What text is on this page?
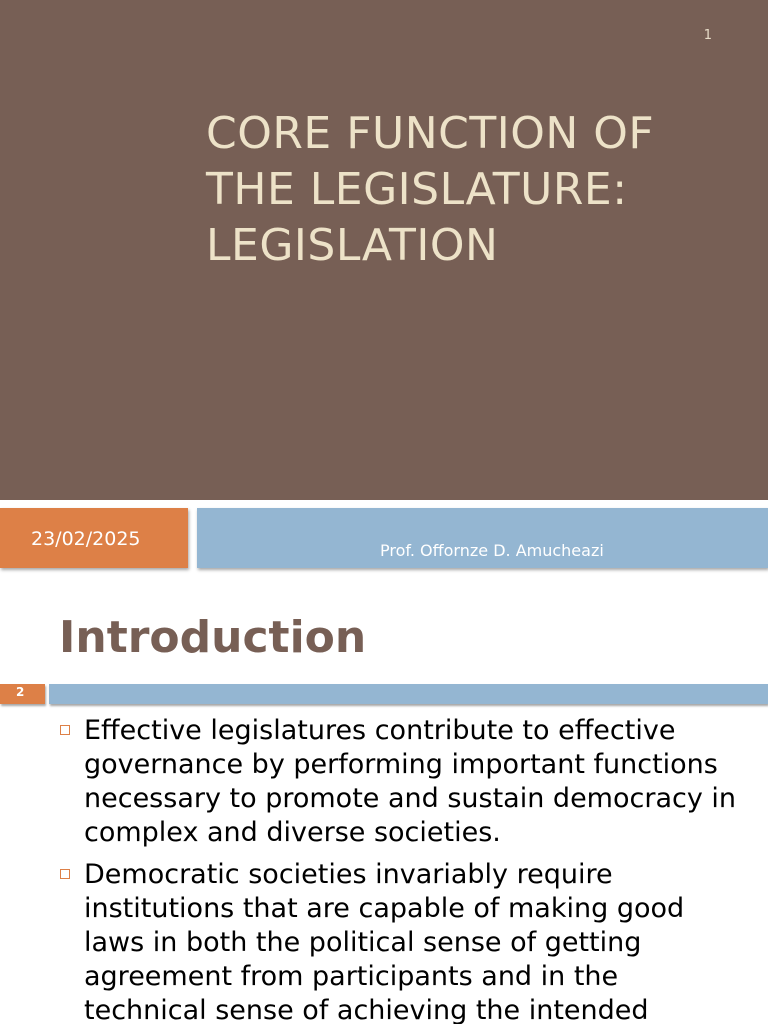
1
CORE FUNCTION OF
THE LEGISLATURE:
LEGISLATION
23/02/2025
Prof. Offornze D. Amucheazi
Introduction
2
Effective legislatures contribute to effective governance by performing important functions necessary to promote and sustain democracy in complex and diverse societies.
Democratic societies invariably require institutions that are capable of making good laws in both the political sense of getting agreement from participants and in the technical sense of achieving the intended
